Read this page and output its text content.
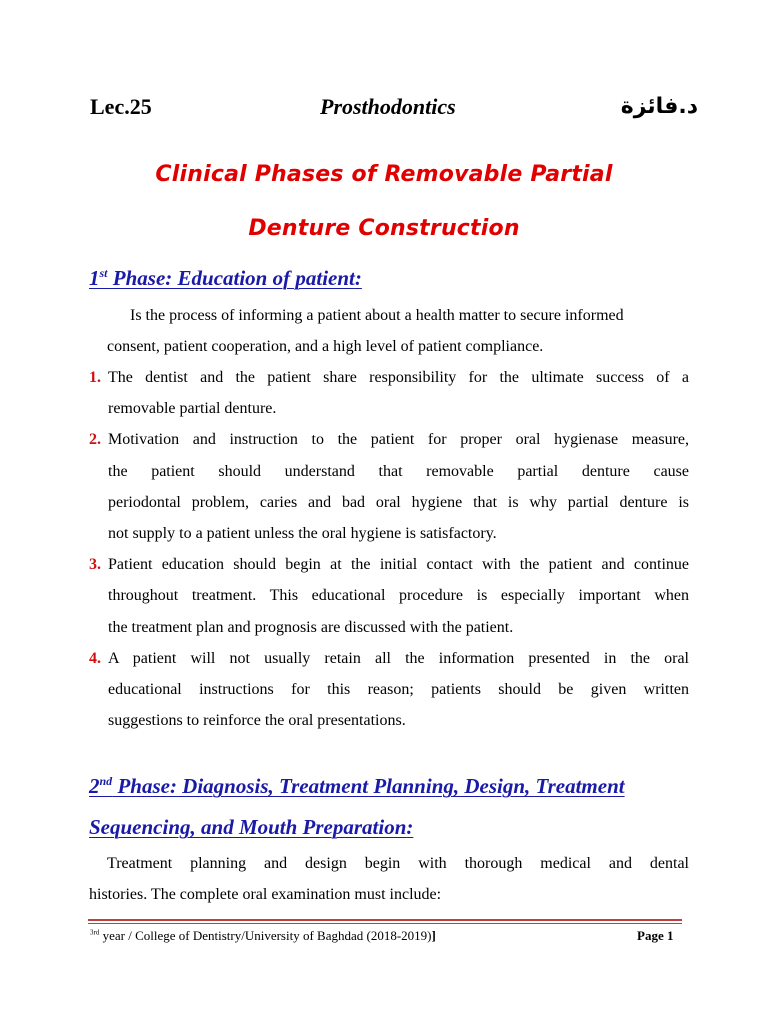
Lec.25	Prosthodontics	د.فائزة
Clinical Phases of Removable Partial
Denture Construction
1st Phase: Education of patient:
Is the process of informing a patient about a health matter to secure informed
consent, patient cooperation, and a high level of patient compliance.
1. The dentist and the patient share responsibility for the ultimate success of a
removable partial denture.
2. Motivation and instruction to the patient for proper oral hygienase measure,
the patient should understand that removable partial denture cause
periodontal problem, caries and bad oral hygiene that is why partial denture is
not supply to a patient unless the oral hygiene is satisfactory.
3. Patient education should begin at the initial contact with the patient and continue
throughout treatment. This educational procedure is especially important when
the treatment plan and prognosis are discussed with the patient.
4. A patient will not usually retain all the information presented in the oral
educational instructions for this reason; patients should be given written
suggestions to reinforce the oral presentations.
2nd Phase: Diagnosis, Treatment Planning, Design, Treatment
Sequencing, and Mouth Preparation:
Treatment planning and design begin with thorough medical and dental
histories. The complete oral examination must include:
$^{3rd}$ year / College of Dentistry/University of Baghdad (2018-2019)]	Page 1
